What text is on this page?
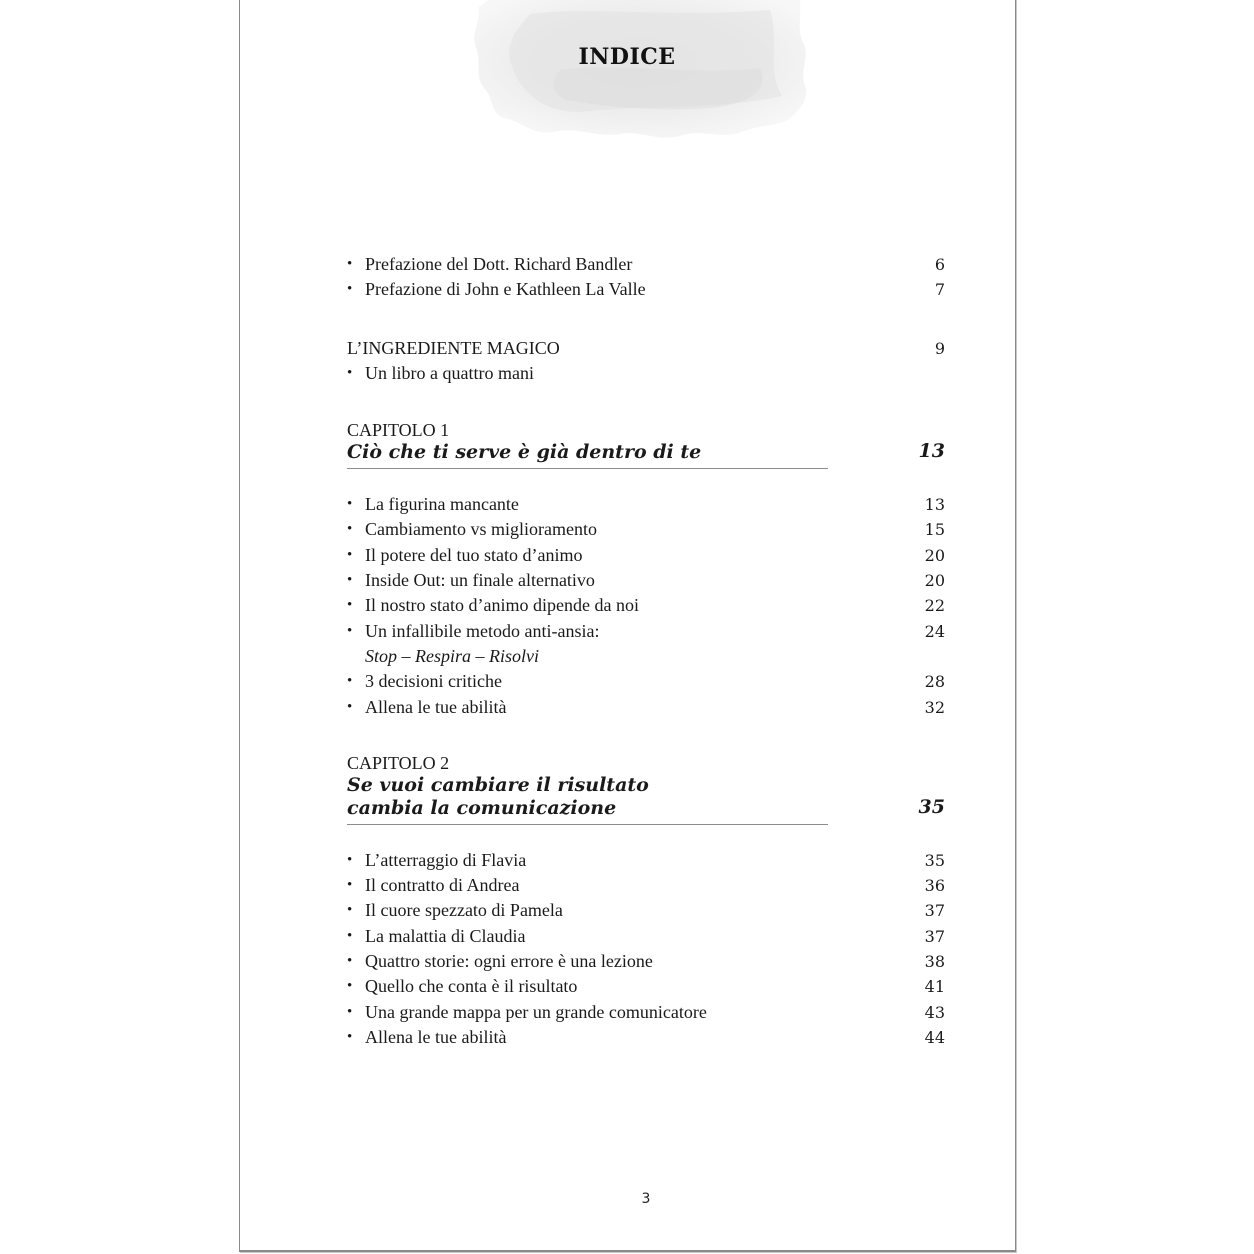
INDICE
• Prefazione del Dott. Richard Bandler	6
• Prefazione di John e Kathleen La Valle	7
L’INGREDIENTE MAGICO	9
• Un libro a quattro mani

CAPITOLO 1

Ciò che ti serve è già dentro di te	13
• La figurina mancante	13
• Cambiamento vs miglioramento	15
• Il potere del tuo stato d’animo	20
• Inside Out: un finale alternativo	20
• Il nostro stato d’animo dipende da noi	22
• Un infallibile metodo anti-ansia:	24
Stop – Respira – Risolvi
• 3 decisioni critiche	28
• Allena le tue abilità	32

CAPITOLO 2

Se vuoi cambiare il risultato

cambia la comunicazione	35
• L’atterraggio di Flavia	35
• Il contratto di Andrea	36
• Il cuore spezzato di Pamela	37
• La malattia di Claudia	37
• Quattro storie: ogni errore è una lezione	38
• Quello che conta è il risultato	41
• Una grande mappa per un grande comunicatore	43
• Allena le tue abilità	44
3
